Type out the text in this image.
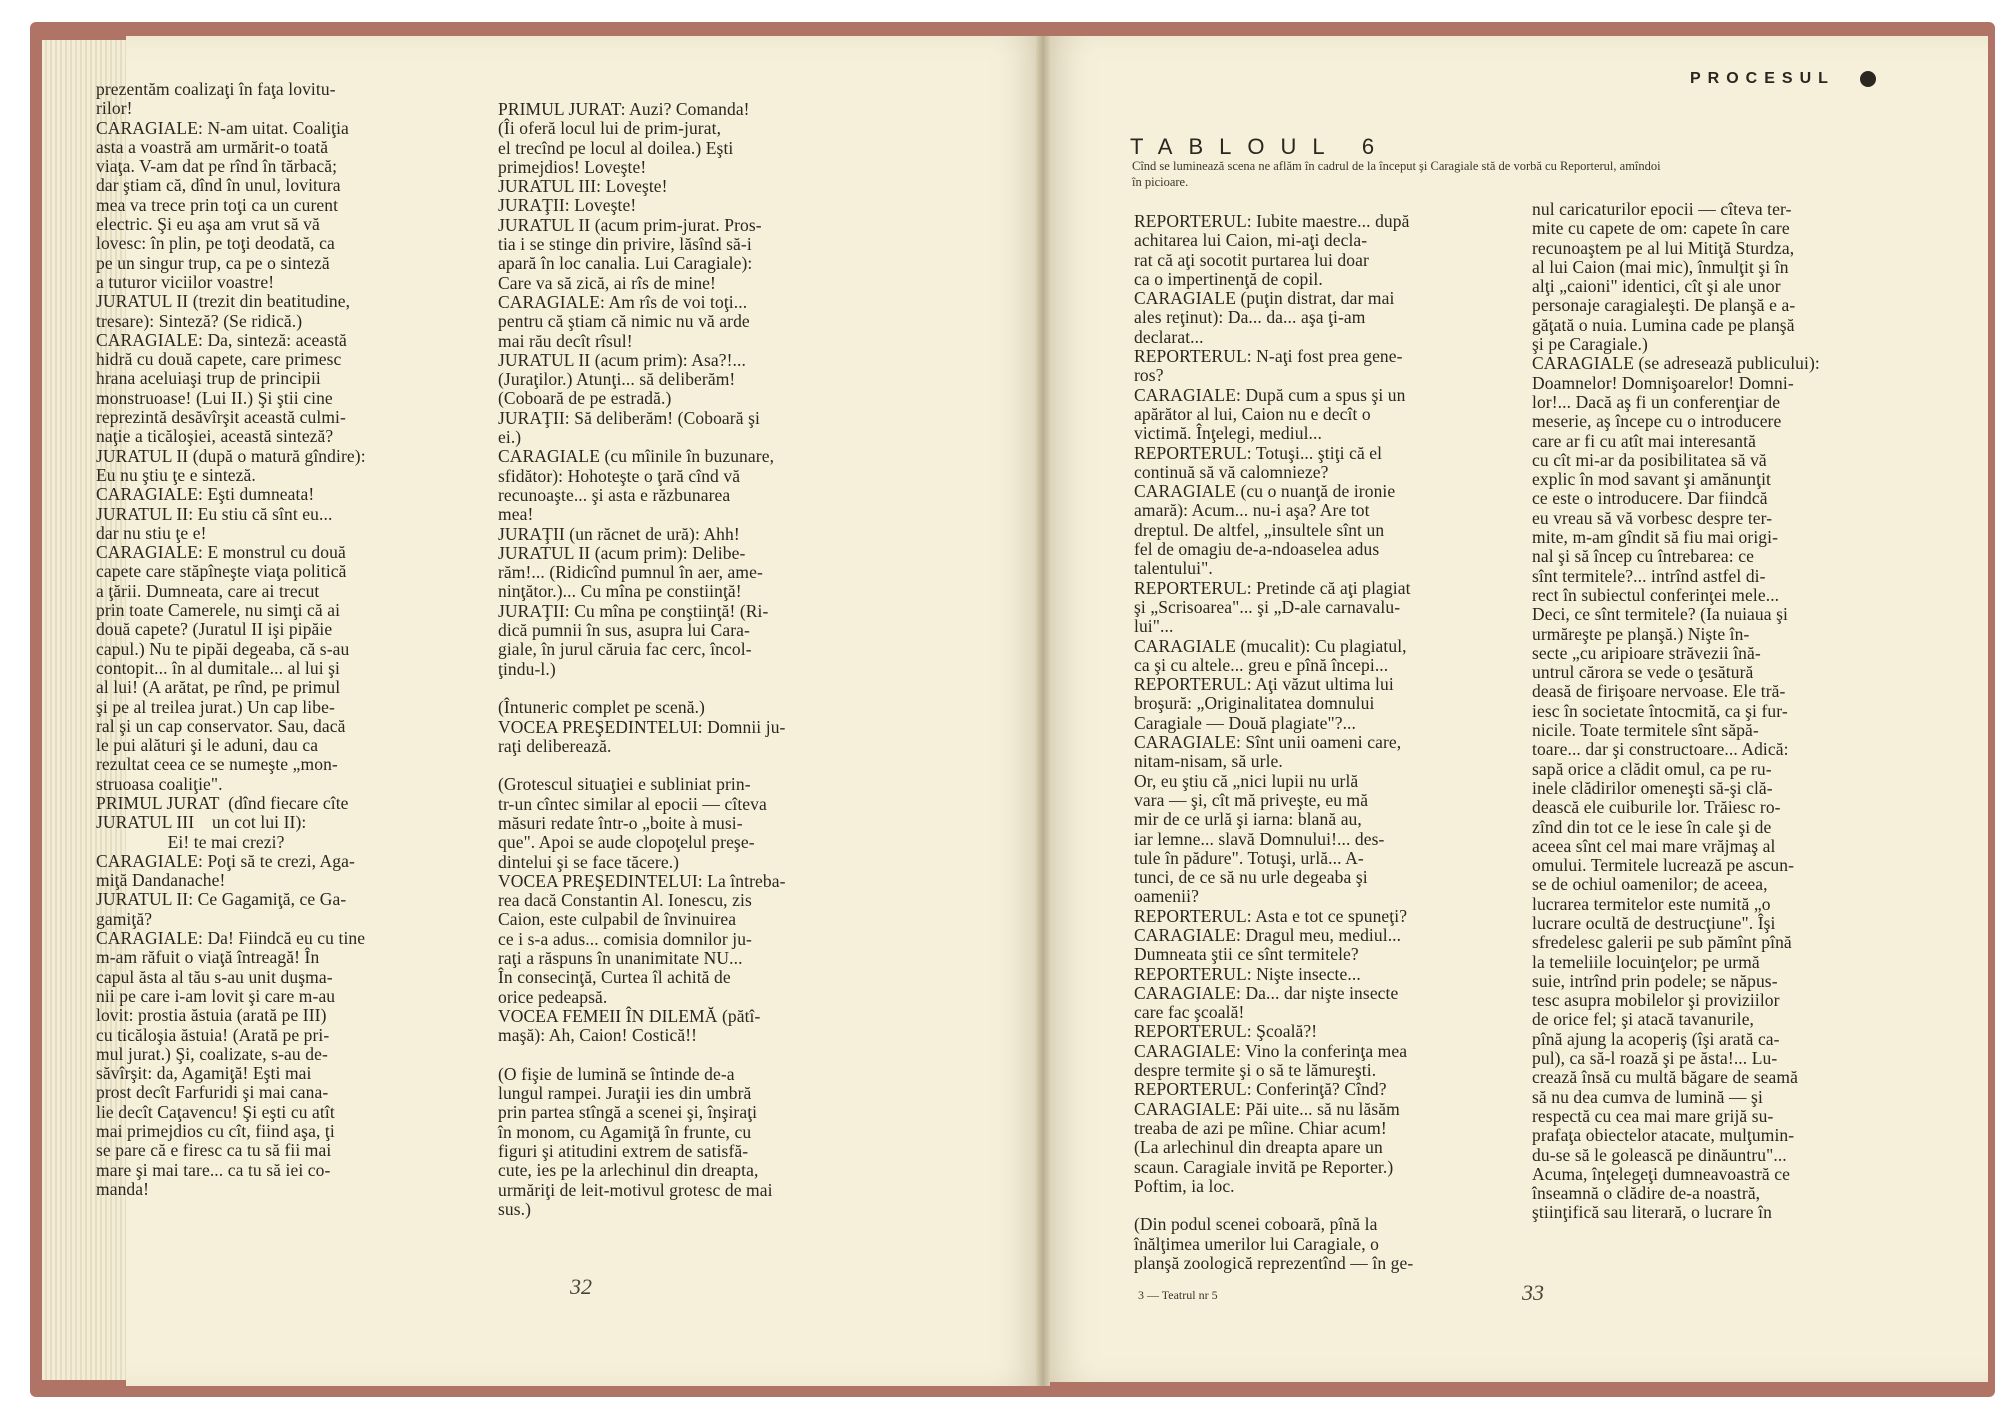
prezentăm coalizaţi în faţa lovitu-
rilor!
CARAGIALE: N-am uitat. Coaliţia
asta a voastră am urmărit-o toată
viaţa. V-am dat pe rînd în tărbacă;
dar ştiam că, dînd în unul, lovitura
mea va trece prin toţi ca un curent
electric. Şi eu aşa am vrut să vă
lovesc: în plin, pe toţi deodată, ca
pe un singur trup, ca pe o sinteză
a tuturor viciilor voastre!
JURATUL II (trezit din beatitudine,
tresare): Sinteză? (Se ridică.)
CARAGIALE: Da, sinteză: această
hidră cu două capete, care primesc
hrana aceluiaşi trup de principii
monstruoase! (Lui II.) Şi ştii cine
reprezintă desăvîrşit această culmi-
naţie a ticăloşiei, această sinteză?
JURATUL II (după o matură gîndire):
Eu nu ştiu ţe e sinteză.
CARAGIALE: Eşti dumneata!
JURATUL II: Eu stiu că sînt eu...
dar nu stiu ţe e!
CARAGIALE: E monstrul cu două
capete care stăpîneşte viaţa politică
a ţării. Dumneata, care ai trecut
prin toate Camerele, nu simţi că ai
două capete? (Juratul II işi pipăie
capul.) Nu te pipăi degeaba, că s-au
contopit... în al dumitale... al lui şi
al lui! (A arătat, pe rînd, pe primul
şi pe al treilea jurat.) Un cap libe-
ral şi un cap conservator. Sau, dacă
le pui alături şi le aduni, dau ca
rezultat ceea ce se numeşte „mon-
struoasa coaliţie".
PRIMUL JURAT  (dînd fiecare cîte
JURATUL III    un cot lui II):
Ei! te mai crezi?
CARAGIALE: Poţi să te crezi, Aga-
miţă Dandanache!
JURATUL II: Ce Gagamiţă, ce Ga-
gamiţă?
CARAGIALE: Da! Fiindcă eu cu tine
m-am răfuit o viaţă întreagă! În
capul ăsta al tău s-au unit duşma-
nii pe care i-am lovit şi care m-au
lovit: prostia ăstuia (arată pe III)
cu ticăloşia ăstuia! (Arată pe pri-
mul jurat.) Şi, coalizate, s-au de-
săvîrşit: da, Agamiţă! Eşti mai
prost decît Farfuridi şi mai cana-
lie decît Caţavencu! Şi eşti cu atît
mai primejdios cu cît, fiind aşa, ţi
se pare că e firesc ca tu să fii mai
mare şi mai tare... ca tu să iei co-
manda!
PRIMUL JURAT: Auzi? Comanda!
(Îi oferă locul lui de prim-jurat,
el trecînd pe locul al doilea.) Eşti
primejdios! Loveşte!
JURATUL III: Loveşte!
JURAŢII: Loveşte!
JURATUL II (acum prim-jurat. Pros-
tia i se stinge din privire, lăsînd să-i
apară în loc canalia. Lui Caragiale):
Care va să zică, ai rîs de mine!
CARAGIALE: Am rîs de voi toţi...
pentru că ştiam că nimic nu vă arde
mai rău decît rîsul!
JURATUL II (acum prim): Asa?!...
(Juraţilor.) Atunţi... să deliberăm!
(Coboară de pe estradă.)
JURAŢII: Să deliberăm! (Coboară şi
ei.)
CARAGIALE (cu mîinile în buzunare,
sfidător): Hohoteşte o ţară cînd vă
recunoaşte... şi asta e răzbunarea
mea!
JURAŢII (un răcnet de ură): Ahh!
JURATUL II (acum prim): Delibe-
răm!... (Ridicînd pumnul în aer, ame-
ninţător.)... Cu mîna pe constiinţă!
JURAŢII: Cu mîna pe conştiinţă! (Ri-
dică pumnii în sus, asupra lui Cara-
giale, în jurul căruia fac cerc, încol-
ţindu-l.)

(Întuneric complet pe scenă.)
VOCEA PREŞEDINTELUI: Domnii ju-
raţi deliberează.

(Grotescul situaţiei e subliniat prin-
tr-un cîntec similar al epocii — cîteva
măsuri redate într-o „boite à musi-
que". Apoi se aude clopoţelul preşe-
dintelui şi se face tăcere.)
VOCEA PREŞEDINTELUI: La întreba-
rea dacă Constantin Al. Ionescu, zis
Caion, este culpabil de învinuirea
ce i s-a adus... comisia domnilor ju-
raţi a răspuns în unanimitate NU...
În consecinţă, Curtea îl achită de
orice pedeapsă.
VOCEA FEMEII ÎN DILEMĂ (pătî-
maşă): Ah, Caion! Costică!!

(O fişie de lumină se întinde de-a
lungul rampei. Juraţii ies din umbră
prin partea stîngă a scenei şi, înşiraţi
în monom, cu Agamiţă în frunte, cu
figuri şi atitudini extrem de satisfă-
cute, ies pe la arlechinul din dreapta,
urmăriţi de leit-motivul grotesc de mai
sus.)
32
PROCESUL
TABLOUL 6
Cînd se luminează scena ne aflăm în cadrul de la început şi Caragiale stă de vorbă cu Reporterul, amîndoi
în picioare.
REPORTERUL: Iubite maestre... după
achitarea lui Caion, mi-aţi decla-
rat că aţi socotit purtarea lui doar
ca o impertinenţă de copil.
CARAGIALE (puţin distrat, dar mai
ales reţinut): Da... da... aşa ţi-am
declarat...
REPORTERUL: N-aţi fost prea gene-
ros?
CARAGIALE: După cum a spus şi un
apărător al lui, Caion nu e decît o
victimă. Înţelegi, mediul...
REPORTERUL: Totuşi... ştiţi că el
continuă să vă calomnieze?
CARAGIALE (cu o nuanţă de ironie
amară): Acum... nu-i aşa? Are tot
dreptul. De altfel, „insultele sînt un
fel de omagiu de-a-ndoaselea adus
talentului".
REPORTERUL: Pretinde că aţi plagiat
şi „Scrisoarea"... şi „D-ale carnavalu-
lui"...
CARAGIALE (mucalit): Cu plagiatul,
ca şi cu altele... greu e pînă începi...
REPORTERUL: Aţi văzut ultima lui
broşură: „Originalitatea domnului
Caragiale — Două plagiate"?...
CARAGIALE: Sînt unii oameni care,
nitam-nisam, să urle.
Or, eu ştiu că „nici lupii nu urlă
vara — şi, cît mă priveşte, eu mă
mir de ce urlă şi iarna: blană au,
iar lemne... slavă Domnului!... des-
tule în pădure". Totuşi, urlă... A-
tunci, de ce să nu urle degeaba şi
oamenii?
REPORTERUL: Asta e tot ce spuneţi?
CARAGIALE: Dragul meu, mediul...
Dumneata ştii ce sînt termitele?
REPORTERUL: Nişte insecte...
CARAGIALE: Da... dar nişte insecte
care fac şcoală!
REPORTERUL: Şcoală?!
CARAGIALE: Vino la conferinţa mea
despre termite şi o să te lămureşti.
REPORTERUL: Conferinţă? Cînd?
CARAGIALE: Păi uite... să nu lăsăm
treaba de azi pe mîine. Chiar acum!
(La arlechinul din dreapta apare un
scaun. Caragiale invită pe Reporter.)
Poftim, ia loc.

(Din podul scenei coboară, pînă la
înălţimea umerilor lui Caragiale, o
planşă zoologică reprezentînd — în ge-
nul caricaturilor epocii — cîteva ter-
mite cu capete de om: capete în care
recunoaştem pe al lui Mitiţă Sturdza,
al lui Caion (mai mic), înmulţit şi în
alţi „caioni" identici, cît şi ale unor
personaje caragialeşti. De planşă e a-
găţată o nuia. Lumina cade pe planşă
şi pe Caragiale.)
CARAGIALE (se adresează publicului):
Doamnelor! Domnişoarelor! Domni-
lor!... Dacă aş fi un conferenţiar de
meserie, aş începe cu o introducere
care ar fi cu atît mai interesantă
cu cît mi-ar da posibilitatea să vă
explic în mod savant şi amănunţit
ce este o introducere. Dar fiindcă
eu vreau să vă vorbesc despre ter-
mite, m-am gîndit să fiu mai origi-
nal şi să încep cu întrebarea: ce
sînt termitele?... intrînd astfel di-
rect în subiectul conferinţei mele...
Deci, ce sînt termitele? (Ia nuiaua şi
urmăreşte pe planşă.) Nişte în-
secte „cu aripioare străvezii înă-
untrul cărora se vede o ţesătură
deasă de firişoare nervoase. Ele tră-
iesc în societate întocmită, ca şi fur-
nicile. Toate termitele sînt săpă-
toare... dar şi constructoare... Adică:
sapă orice a clădit omul, ca pe ru-
inele clădirilor omeneşti să-şi clă-
dească ele cuiburile lor. Trăiesc ro-
zînd din tot ce le iese în cale şi de
aceea sînt cel mai mare vrăjmaş al
omului. Termitele lucrează pe ascun-
se de ochiul oamenilor; de aceea,
lucrarea termitelor este numită „o
lucrare ocultă de destrucţiune". Îşi
sfredelesc galerii pe sub pămînt pînă
la temeliile locuinţelor; pe urmă
suie, intrînd prin podele; se năpus-
tesc asupra mobilelor şi proviziilor
de orice fel; şi atacă tavanurile,
pînă ajung la acoperiş (îşi arată ca-
pul), ca să-l roază şi pe ăsta!... Lu-
crează însă cu multă băgare de seamă
să nu dea cumva de lumină — şi
respectă cu cea mai mare grijă su-
prafaţa obiectelor atacate, mulţumin-
du-se să le golească pe dinăuntru"...
Acuma, înţelegeţi dumneavoastră ce
înseamnă o clădire de-a noastră,
ştiinţifică sau literară, o lucrare în
3 — Teatrul nr 5	33
